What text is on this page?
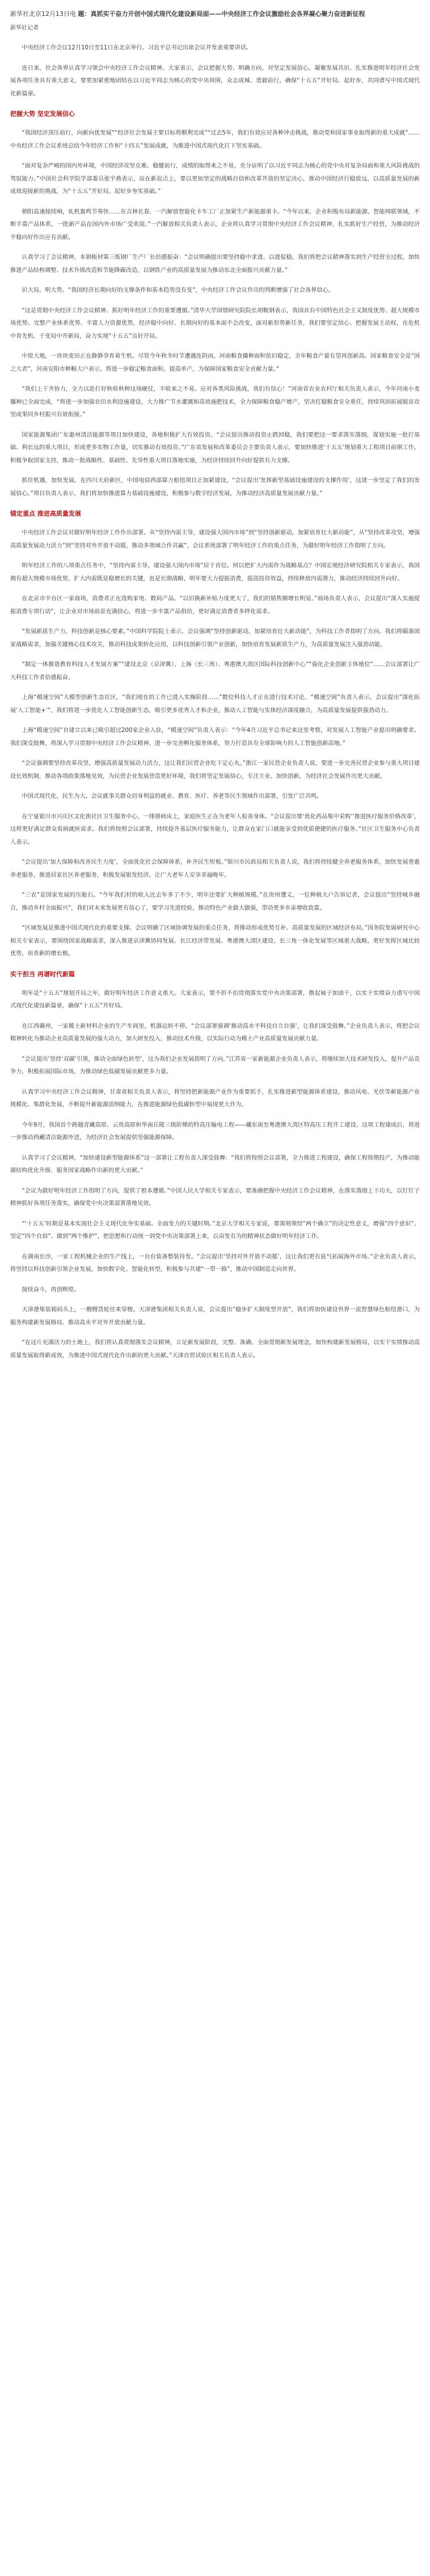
新华社北京12月13日电 题：真抓实干奋力开创中国式现代化建设新局面——中央经济工作会议激励社会各界凝心聚力奋进新征程
新华社记者
中央经济工作会议12月10日至11日在北京举行。习近平总书记出席会议并发表重要讲话。
连日来，社会各界认真学习领会中央经济工作会议精神。大家表示，会议把握大势、明确方向，对坚定发展信心、凝聚发展共识、扎实推进明年经济社会发展各项任务具有重大意义，要更加紧密地团结在以习近平同志为核心的党中央周围，众志成城、勇毅前行，确保“十五五”开好局、起好步，共同谱写中国式现代化新篇章。
把握大势 坚定发展信心
“我国经济顶压前行，向新向优发展”“经济社会发展主要目标将顺利完成”“过去5年，我们有效应对各种冲击挑战，推动党和国家事业取得新的重大成就”……中央经济工作会议系统总结今年经济工作和“十四五”发展成就，为推进中国式现代化打下坚实基础。
“面对复杂严峻的国内外环境，中国经济攻坚克难、稳健前行，成绩的取得来之不易，充分证明了以习近平同志为核心的党中央对复杂局面和重大风险挑战的驾驭能力。”中国社会科学院学部委员张宇燕表示，站在新起点上，要以更加坚定的战略自信和改革开放的坚定决心，推动中国经济行稳致远，以高质量发展的新成效迎接新的挑战，为“十五五”开好局、起好步夯实基础。”
朝阳高速接续响，轧机轰鸣节奏快……在吉林长春，一汽解放智能化卡车工厂正加紧生产新能源重卡。“今年以来，企业积极布局新能源、智能网联领域，不断丰富产品体系，一批新产品在国内外市场广受欢迎。”一汽解放相关负责人表示，企业将认真学习贯彻中央经济工作会议精神，扎实抓好生产经营，为推动经济平稳向好作出应有贡献。
认真学习了会议精神，本钢板材第三炼钢厂生产厂长倍感振奋：“会议明确提出要坚持稳中求进、以进促稳，我们将把会议精神落实到生产经营全过程，加快推进产品结构调整、技术升级改造和节能降碳改造，以钢铁产业的高质量发展为推动东北全面振兴贡献力量。”
识大局，明大势。“我国经济长期向好的支撑条件和基本趋势没有变”，中央经济工作会议作出的判断增强了社会各界信心。
“这是贯彻中央经济工作会议精神、抓好明年经济工作的重要遵循。”清华大学国情研究院院长胡鞍钢表示，我国具有中国特色社会主义制度优势、超大规模市场优势、完整产业体系优势、丰富人力资源优势，经济稳中向好、长期向好的基本面不会改变，面对新形势新任务，我们要坚定信心、把握发展主动权，在危机中育先机、于变局中开新局，奋力实现“十五五”良好开局。
中原大地，一块块麦田正在静静孕育着生机。尽管今年秋冬时节遭遇连阴雨，河南粮食播种面积依旧稳定，全年粮食产量有望再创新高。国家粮食安全是“国之大者”，河南安阳市种粮大户表示，将进一步稳定粮食面积、提高单产，为保障国家粮食安全贡献力量。”
“我们上下齐协力，全力以赴打好秋收秋种这场硬仗，丰收来之不易。应对各类风险挑战，我们有信心！”河南省农业农村厅相关负责人表示，今年河南小麦播种已全面完成，“将进一步加强农田水利设施建设，大力推广节水灌溉和高效施肥技术，全力保障粮食稳产增产，坚决扛稳粮食安全重任，持续巩固拓展脱贫攻坚成果同乡村振兴有效衔接。”
国家能源集团广东惠州清洁能源等项目加快建设，各地积极扩大有效投资。“会议提出推动投资止跌回稳，我们要把这一要求落实落细，谋划实施一批打基础、利长远的重大项目，形成更多实物工作量，切实推动有效投资。”广东省发展和改革委员会主要负责人表示，要加快推进‘十五五’规划重大工程项目前期工作，积极争取国家支持，推动一批战略性、基础性、先导性重大项目落地实施，为经济持续回升向好提供有力支撑。
抓住机遇，加快发展。在四川天府新区，中国电信西部算力枢纽项目正加紧建设。“会议提出‘发挥新型基础设施建设的支撑作用’，这进一步坚定了我们的发展信心。”项目负责人表示，我们将加快推进算力基础设施建设，积极参与数字经济发展，为推动经济高质量发展贡献力量。”
锚定重点 推进高质量发展
中央经济工作会议对做好明年经济工作作出部署。从“坚持内需主导，建设强大国内市场”到“坚持创新驱动，加紧培育壮大新动能”，从“坚持改革攻坚，增强高质量发展动力活力”到“坚持对外开放不动摇，推动多领域合作共赢”，会议系统部署了明年经济工作的重点任务，为做好明年经济工作指明了方向。
明年经济工作的八项重点任务中，“坚持内需主导，建设强大国内市场”居于首位。何以把扩大内需作为战略基点？中国宏观经济研究院相关专家表示，我国拥有超大规模市场优势，扩大内需既是稳增长的关键，也是长期战略，明年要大力提振消费，提高投资效益，持续释放内需潜力，推动经济持续回升向好。
在北京市丰台区一家商场，消费者正在选购家电、数码产品。“以旧换新补贴力度更大了，我们的销售额增长明显。”商场负责人表示，会议提出“深入实施提振消费专项行动”，让企业对市场前景充满信心，将进一步丰富产品供给，更好满足消费者多样化需求。
“发展新质生产力，科技创新是核心要素。”中国科学院院士表示，会议强调“坚持创新驱动，加紧培育壮大新动能”，为科技工作者指明了方向。我们将瞄准国家战略需求，加强关键核心技术攻关，推动科技成果转化应用，以科技创新引领产业创新，加快培育发展新质生产力，为高质量发展注入强劲动能。
“制定一体推进教育科技人才发展方案”“建设北京（京津冀）、上海（长三角）、粤港澳大湾区国际科技创新中心”“强化企业创新主体地位”……会议部署让广大科技工作者倍感振奋。
上海“模速空间”大模型创新生态社区，“我们现在的工作已进入实操阶段……”数位科技人才正在进行技术讨论。“模速空间”负责人表示，会议提出“深化拓展‘人工智能+’”，我们将进一步优化人工智能创新生态，吸引更多优秀人才和企业，推动人工智能与实体经济深度融合，为高质量发展提供强劲动力。
上海“模速空间”自建立以来已吸引超过200家企业入驻，“模速空间”负责人表示：“今年4月习近平总书记来这里考察，对发展人工智能产业提出明确要求。我们深受鼓舞，将深入学习贯彻中央经济工作会议精神，进一步完善孵化服务体系，努力打造具有全球影响力的人工智能创新高地。”
“会议强调要坚持改革攻坚，增强高质量发展动力活力，这让我们民营企业吃下定心丸。”浙江一家民营企业负责人说，要进一步完善民营企业参与重大项目建设长效机制，推动各项政策落地见效，为民营企业发展营造更好环境，我们将坚定发展信心，专注主业、加快创新，为经济社会发展作出更大贡献。
中国式现代化，民生为大。会议就事关群众切身利益的就业、教育、医疗、养老等民生领域作出部署，引发广泛共鸣。
在宁夏银川市兴庆区文化街社区卫生服务中心，一排排病床上，家庭医生正在为老年人检查身体。“会议提出要‘优化药品集中采购’‘推进医疗服务价格改革’，这将更好满足群众看病就医需求。我们将按照会议部署，持续提升基层医疗服务能力，让群众在家门口就能享受到优质便捷的医疗服务。”社区卫生服务中心负责人表示。
“会议提出‘加大保障和改善民生力度’，全面优化社会保障体系，补齐民生短板。”银川市民政局相关负责人说，我们将持续健全养老服务体系，加快发展普惠养老服务，推进居家社区养老服务，积极发展银发经济，让广大老年人安享幸福晚年。
“三农”是国家发展的压舱石。“今年我们村的收入比去年多了不少，明年还要扩大种植规模。”在贵州遵义，一位种植大户告诉记者，会议提出“坚持城乡融合，推动乡村全面振兴”，我们对未来发展更有信心了，要学习先进经验，推动特色产业做大做强，带动更多乡亲增收致富。
“区域发展是推进中国式现代化的重要支撑。会议明确了区域协调发展的重点任务，将推动形成优势互补、高质量发展的区域经济布局。”国务院发展研究中心相关专家表示，要围绕国家战略需求，深入推进京津冀协同发展、长江经济带发展、粤港澳大湾区建设、长三角一体化发展等区域重大战略，更好发挥区域比较优势，培育新的增长极。
实干担当 再谱时代新篇
明年是“十五五”规划开局之年，做好明年经济工作意义重大。大家表示，要不折不扣贯彻落实党中央决策部署，撸起袖子加油干，以实干实绩奋力谱写中国式现代化建设新篇章，确保“十五五”开好局。
在江西赣州，一家稀土新材料企业的生产车间里，机器运转不停。“会议部署强调‘推动高水平科技自立自强’，让我们深受鼓舞。”企业负责人表示，将把会议精神转化为推动企业高质量发展的强大动力，加大研发投入，推动技术升级，以实际行动为稀土产业高质量发展贡献力量。
“会议提出‘坚持‘双碳’引领，推动全面绿色转型’，这为我们企业发展指明了方向。”江苏省一家新能源企业负责人表示，将继续加大技术研发投入，提升产品竞争力，积极拓展国际市场，为推动绿色低碳发展贡献更多力量。
认真学习中央经济工作会议精神，甘肃省相关负责人表示，将坚持把新能源产业作为重要抓手，扎实推进新型能源体系建设，推动风电、光伏等新能源产业规模化、集群化发展，不断提升新能源消纳能力，在推进能源绿色低碳转型中展现更大作为。
今年9月，我国首个跨越青藏高原、云贵高原和华南丘陵三级阶梯的特高压输电工程——藏东南至粤港澳大湾区特高压工程开工建设。这项工程建成后，将进一步推动西藏清洁能源外送，为经济社会发展提供坚强能源保障。
认真学习了会议精神，“加快建设新型能源体系”这一部署让工程负责人深受鼓舞：“我们将按照会议部署，全力推进工程建设，确保工程按期投产，为推动能源结构优化升级、服务国家战略作出新的更大贡献。”
“会议为做好明年经济工作指明了方向，提供了根本遵循。”中国人民大学相关专家表示，要准确把握中央经济工作会议精神，在落实落细上下功夫，以钉钉子精神抓好各项任务落实，确保党中央决策部署落地见效。
“‘十五五’时期是基本实现社会主义现代化夯实基础、全面发力的关键时期。”北京大学相关专家说，要深刻领悟“两个确立”的决定性意义，增强“四个意识”、坚定“四个自信”、做到“两个维护”，把思想和行动统一到党中央决策部署上来，以奋发有为的精神状态做好明年经济工作。
在湖南长沙，一家工程机械企业的生产线上，一台台装备整装待发。“会议提出‘坚持对外开放不动摇’，这让我们更有底气拓展海外市场。”企业负责人表示，将坚持以科技创新引领企业发展，加快数字化、智能化转型，积极参与共建“一带一路”，推动中国制造走向世界。
接续奋斗，再创辉煌。
天津港集装箱码头上，一艘艘货轮往来穿梭。天津港集团相关负责人说，会议提出“稳步扩大制度型开放”，我们将加快建设世界一流智慧绿色枢纽港口，为服务构建新发展格局、推动高水平对外开放贡献力量。
“在这片充满活力的土地上，我们将认真贯彻落实会议精神，立足新发展阶段，完整、准确、全面贯彻新发展理念，加快构建新发展格局，以实干实绩推动高质量发展取得新成效，为推进中国式现代化作出新的更大贡献。”天津自贸试验区相关负责人表示。
